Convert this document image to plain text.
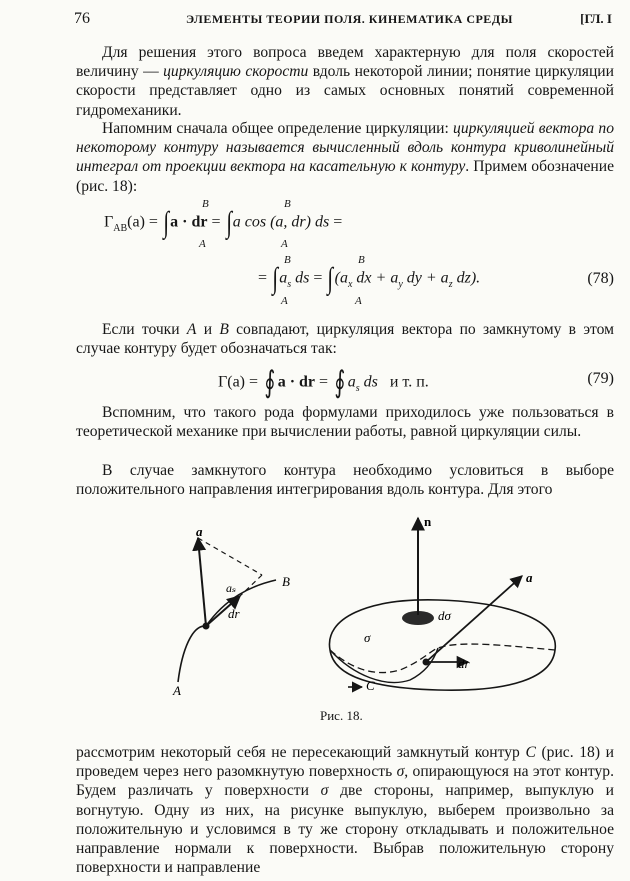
76	ЭЛЕМЕНТЫ ТЕОРИИ ПОЛЯ. КИНЕМАТИКА СРЕДЫ	[ГЛ. I

Для решения этого вопроса введем характерную для поля скоростей величину — циркуляцию скорости вдоль некоторой линии; понятие циркуляции скорости представляет одно из самых основных понятий современной гидромеханики.

Напомним сначала общее определение циркуляции: циркуляцией вектора по некоторому контуру называется вычисленный вдоль контура криволинейный интеграл от проекции вектора на касательную к контуру. Примем обозначение (рис. 18):

$\Gamma_{AB}(a) = \int a$ · dr = ∫a cos (a, dr) ds =
B
A
B
A
= $\int a_s$ ds = $\int(a_x$ dx + $a_y$ dy + $a_z$ dz).
B
A
B
A
(78)

Если точки A и B совпадают, циркуляция вектора по замкнутому в этом случае контуру будет обозначаться так:

Γ(a) = ∮ a · dr = ∮ $a_s$ ds и т. п.	(79)

Вспомним, что такого рода формулами приходилось уже пользоваться в теоретической механике при вычислении работы, равной циркуляции силы.

В случае замкнутого контура необходимо условиться в выборе положительного направления интегрирования вдоль контура. Для этого

a
aₛ
dr
B
A
n
a
dσ
σ
dr
C
Рис. 18.

рассмотрим некоторый себя не пересекающий замкнутый контур C (рис. 18) и проведем через него разомкнутую поверхность σ, опирающуюся на этот контур. Будем различать у поверхности σ две стороны, например, выпуклую и вогнутую. Одну из них, на рисунке выпуклую, выберем произвольно за положительную и условимся в ту же сторону откладывать и положительное направление нормали к поверхности. Выбрав положительную сторону поверхности и направление
